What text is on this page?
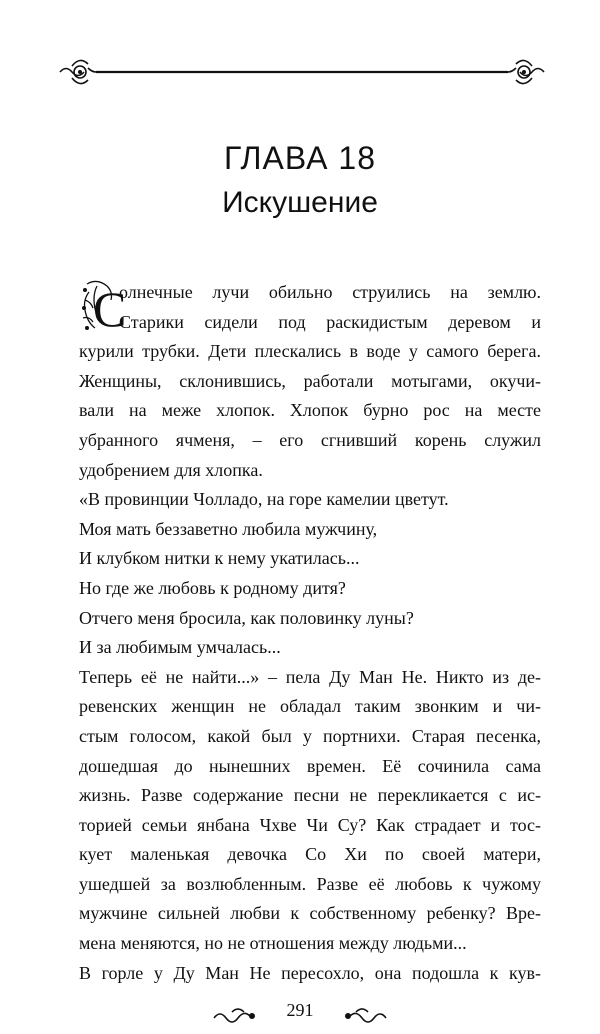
ГЛАВА 18
Искушение
С
олнечные лучи обильно струились на землю.
Старики сидели под раскидистым деревом и
курили трубки. Дети плескались в воде у самого берега.
Женщины, склонившись, работали мотыгами, окучи-
вали на меже хлопок. Хлопок бурно рос на месте
убранного ячменя, – его сгнивший корень служил
удобрением для хлопка.
«В провинции Чолладо, на горе камелии цветут.
Моя мать беззаветно любила мужчину,
И клубком нитки к нему укатилась...
Но где же любовь к родному дитя?
Отчего меня бросила, как половинку луны?
И за любимым умчалась...
Теперь её не найти...» – пела Ду Ман Не. Никто из де-
ревенских женщин не обладал таким звонким и чи-
стым голосом, какой был у портнихи. Старая песенка,
дошедшая до нынешних времен. Её сочинила сама
жизнь. Разве содержание песни не перекликается с ис-
торией семьи янбана Чхве Чи Су? Как страдает и тос-
кует маленькая девочка Со Хи по своей матери,
ушедшей за возлюбленным. Разве её любовь к чужому
мужчине сильней любви к собственному ребенку? Вре-
мена меняются, но не отношения между людьми...
В горле у Ду Ман Не пересохло, она подошла к кув-
291
